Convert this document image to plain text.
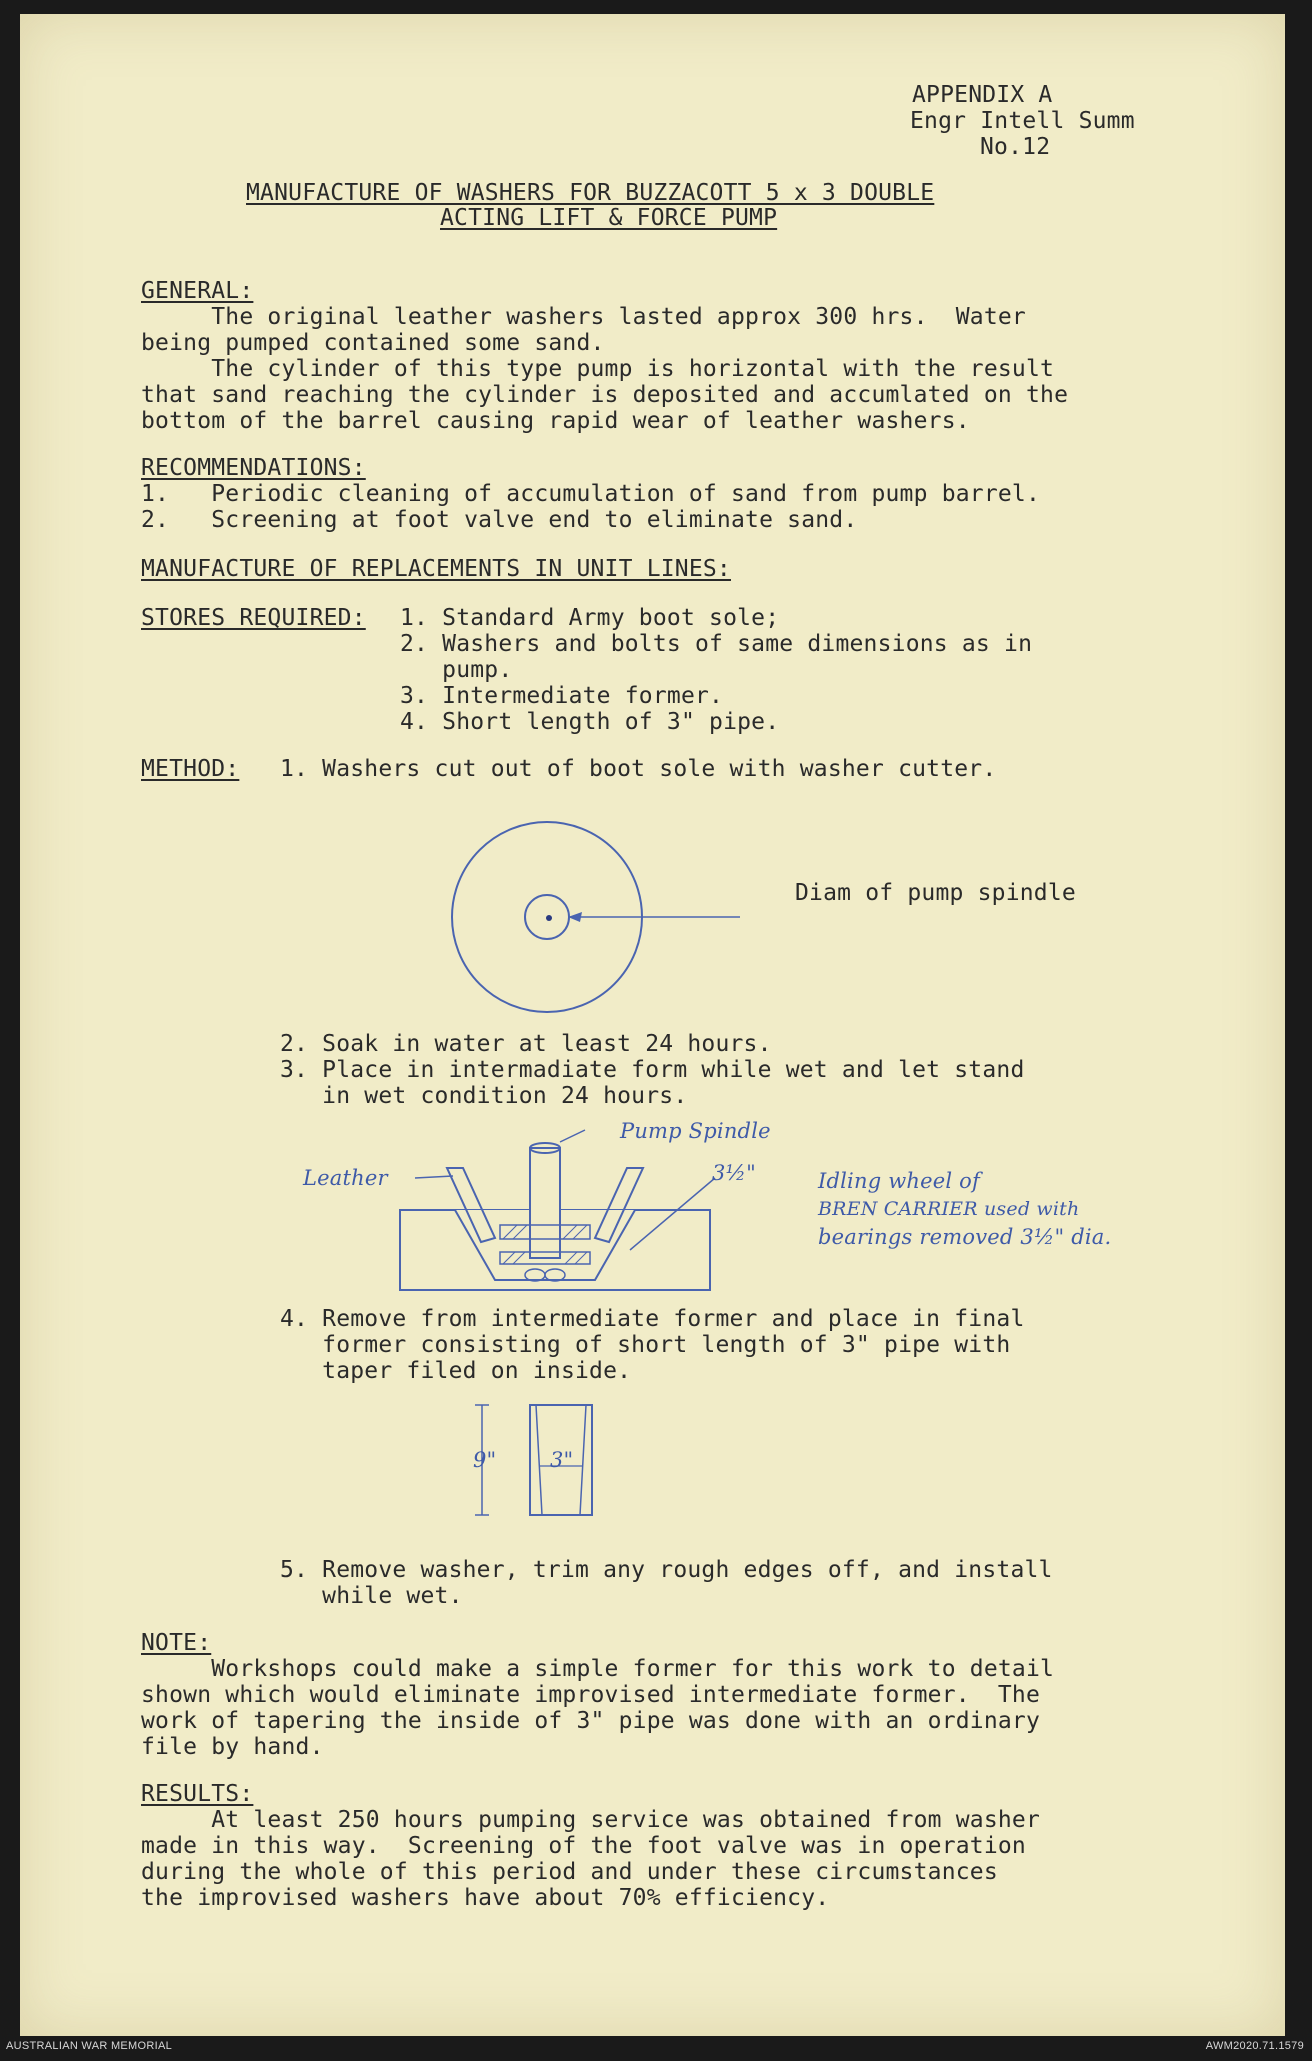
APPENDIX A
Engr Intell Summ
No.12
MANUFACTURE OF WASHERS FOR BUZZACOTT 5 x 3 DOUBLE
ACTING LIFT & FORCE PUMP
GENERAL:
The original leather washers lasted approx 300 hrs.  Water
being pumped contained some sand.
The cylinder of this type pump is horizontal with the result
that sand reaching the cylinder is deposited and accumlated on the
bottom of the barrel causing rapid wear of leather washers.
RECOMMENDATIONS:
1.   Periodic cleaning of accumulation of sand from pump barrel.
2.   Screening at foot valve end to eliminate sand.
MANUFACTURE OF REPLACEMENTS IN UNIT LINES:
STORES REQUIRED: 1. Standard Army boot sole;
2. Washers and bolts of same dimensions as in
pump.
3. Intermediate former.
4. Short length of 3" pipe.
METHOD: 1. Washers cut out of boot sole with washer cutter.
Diam of pump spindle
2. Soak in water at least 24 hours.
3. Place in intermadiate form while wet and let stand
in wet condition 24 hours.
Pump Spindle
Leather	3½"	Idling wheel of
BREN CARRIER used with
bearings removed 3½" dia.
4. Remove from intermediate former and place in final
former consisting of short length of 3" pipe with
taper filed on inside.
9"	3"
5. Remove washer, trim any rough edges off, and install
while wet.
NOTE:
Workshops could make a simple former for this work to detail
shown which would eliminate improvised intermediate former.  The
work of tapering the inside of 3" pipe was done with an ordinary
file by hand.
RESULTS:
At least 250 hours pumping service was obtained from washer
made in this way.  Screening of the foot valve was in operation
during the whole of this period and under these circumstances
the improvised washers have about 70% efficiency.
AUSTRALIAN WAR MEMORIAL	AWM2020.71.1579
